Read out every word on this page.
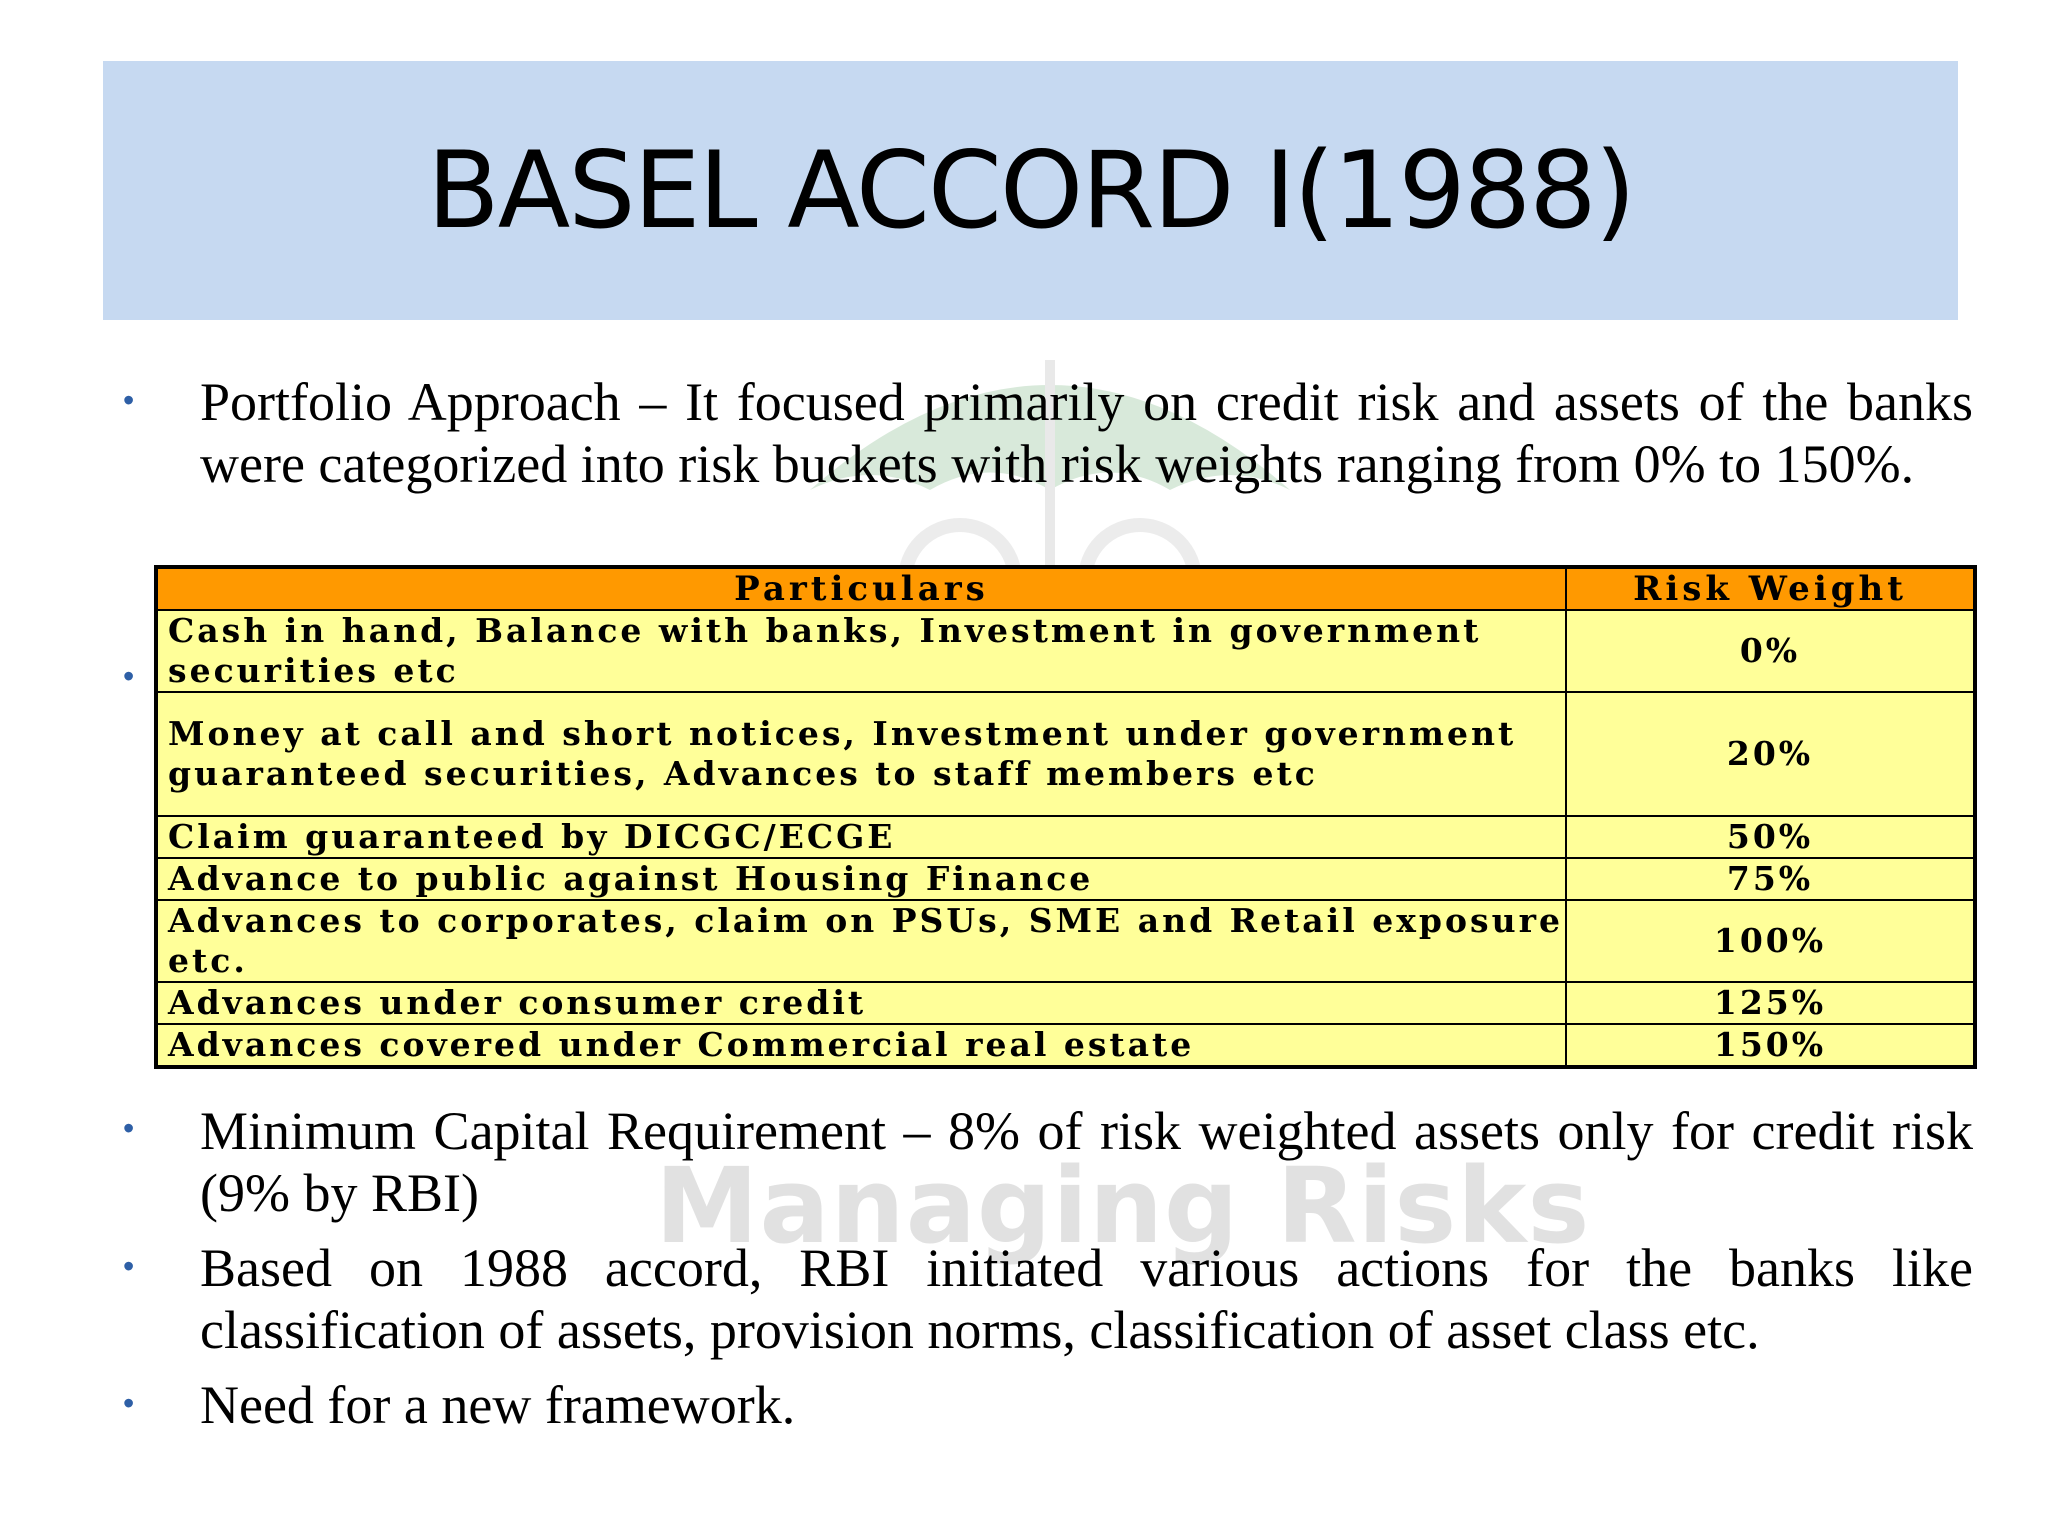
Managing Risks
BASEL ACCORD I(1988)
• Portfolio Approach – It focused primarily on credit risk and assets of the banks were categorized into risk buckets with risk weights ranging from 0% to 150%.
•
Particulars	Risk Weight
Cash in hand, Balance with banks, Investment in government securities etc	0%
Money at call and short notices, Investment under government guaranteed securities, Advances to staff members etc	20%
Claim guaranteed by DICGC/ECGE	50%
Advance to public against Housing Finance	75%
Advances to corporates, claim on PSUs, SME and Retail exposure etc.	100%
Advances under consumer credit	125%
Advances covered under Commercial real estate	150%
• Minimum Capital Requirement – 8% of risk weighted assets only for credit risk (9% by RBI)
• Based on 1988 accord, RBI initiated various actions for the banks like classification of assets, provision norms, classification of asset class etc.
• Need for a new framework.
